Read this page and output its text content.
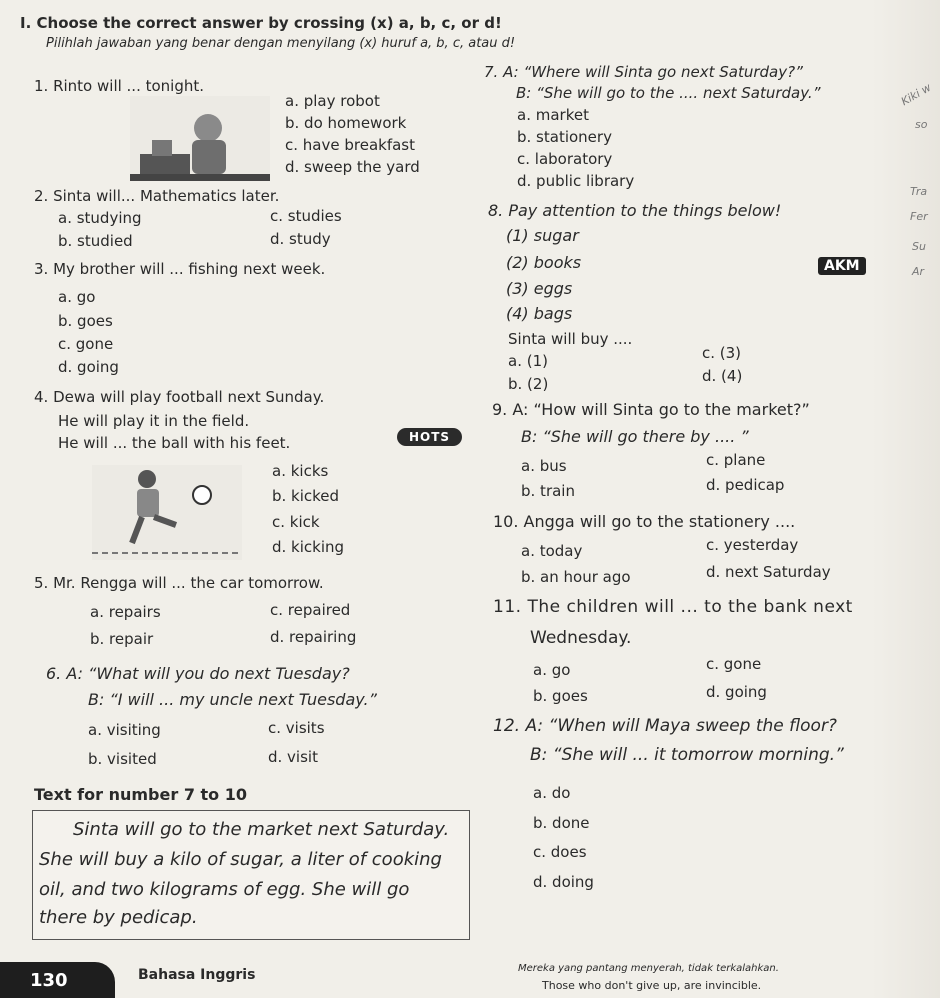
I. Choose the correct answer by crossing (x) a, b, c, or d!
Pilihlah jawaban yang benar dengan menyilang (x) huruf a, b, c, atau d!
1. Rinto will ... tonight.
a. play robot
b. do homework
c. have breakfast
d. sweep the yard
2. Sinta will... Mathematics later.
a. studying
b. studied
c. studies
d. study
3. My brother will ... fishing next week.
a. go
b. goes
c. gone
d. going
4. Dewa will play football next Sunday.
He will play it in the field.
He will ... the ball with his feet.	HOTS
a. kicks
b. kicked
c. kick
d. kicking
5. Mr. Rengga will ... the car tomorrow.
a. repairs
b. repair
c. repaired
d. repairing
6. A: “What will you do next Tuesday?
B: “I will ... my uncle next Tuesday.”
a. visiting
b. visited
c. visits
d. visit
Text for number 7 to 10
Sinta will go to the market next Saturday.
She will buy a kilo of sugar, a liter of cooking
oil, and two kilograms of egg. She will go
there by pedicap.
7. A: “Where will Sinta go next Saturday?”
B: “She will go to the .... next Saturday.”
a. market
b. stationery
c. laboratory
d. public library
8. Pay attention to the things below!
(1) sugar
(2) books
(3) eggs
(4) bags
AKM
Sinta will buy ....
a. (1)
b. (2)
c. (3)
d. (4)
9. A: “How will Sinta go to the market?”
B: “She will go there by .... ”
a. bus
b. train
c. plane
d. pedicap
10. Angga will go to the stationery ....
a. today
b. an hour ago
c. yesterday
d. next Saturday
11. The children will ... to the bank next
Wednesday.
a. go
b. goes
c. gone
d. going
12. A: “When will Maya sweep the floor?
B: “She will ... it tomorrow morning.”
a. do
b. done
c. does
d. doing
Kiki w
so
Tra
Fer
Su
Ar
130	Bahasa Inggris	Mereka yang pantang menyerah, tidak terkalahkan.
Those who don't give up, are invincible.
